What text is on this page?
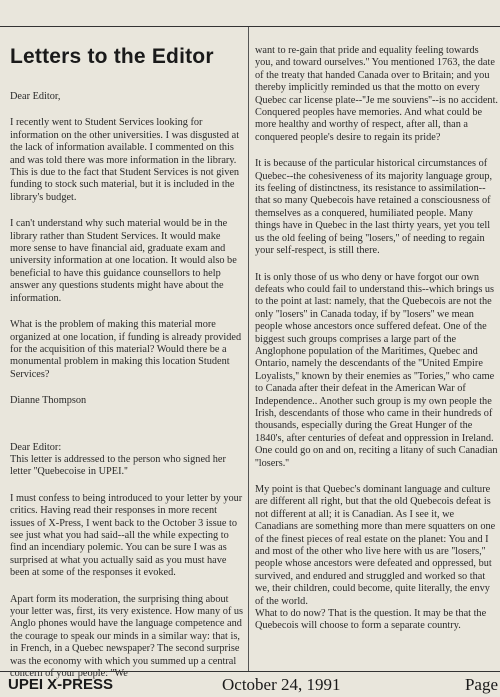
Letters to the Editor

Dear Editor,

I recently went to Student Services looking for information on the other universities. I was disgusted at the lack of information available. I commented on this and was told there was more information in the library. This is due to the fact that Student Services is not given funding to stock such material, but it is included in the library's budget.

I can't understand why such material would be in the library rather than Student Services. It would make more sense to have financial aid, graduate exam and university information at one location. It would also be beneficial to have this guidance counsellors to help answer any questions students might have about the information.

What is the problem of making this material more organized at one location, if funding is already provided for the acquisition of this material? Would there be a monumental problem in making this location Student Services?

Dianne Thompson

Dear Editor:

This letter is addressed to the person who signed her letter ''Quebecoise in UPEI.''

I must confess to being introduced to your letter by your critics. Having read their responses in more recent issues of X-Press, I went back to the October 3 issue to see just what you had said--all the while expecting to find an incendiary polemic. You can be sure I was as surprised at what you actually said as you must have been at some of the responses it evoked.

Apart form its moderation, the surprising thing about your letter was, first, its very existence. How many of us Anglo phones would have the language competence and the courage to speak our minds in a similar way: that is, in French, in a Quebec newspaper? The second surprise was the economy with which you summed up a central concern of your people: ''We

want to re-gain that pride and equality feeling towards you, and toward ourselves.'' You mentioned 1763, the date of the treaty that handed Canada over to Britain; and you thereby implicitly reminded us that the motto on every Quebec car license plate--''Je me souviens''--is no accident. Conquered peoples have memories. And what could be more healthy and worthy of respect, after all, than a conquered people's desire to regain its pride?

It is because of the particular historical circumstances of Quebec--the cohesiveness of its majority language group, its feeling of distinctness, its resistance to assimilation--that so many Quebecois have retained a consciousness of themselves as a conquered, humiliated people. Many things have in Quebec in the last thirty years, yet you tell us the old feeling of being ''losers,'' of needing to regain your self-respect, is still there.

It is only those of us who deny or have forgot our own defeats who could fail to understand this--which brings us to the point at last: namely, that the Quebecois are not the only ''losers'' in Canada today, if by ''losers'' we mean people whose ancestors once suffered defeat. One of the biggest such groups comprises a large part of the Anglophone population of the Maritimes, Quebec and Ontario, namely the descendants of the ''United Empire Loyalists,'' known by their enemies as ''Tories,'' who came to Canada after their defeat in the American War of Independence.. Another such group is my own people the Irish, descendants of those who came in their hundreds of thousands, especially during the Great Hunger of the 1840's, after centuries of defeat and oppression in Ireland. One could go on and on, reciting a litany of such Canadian ''losers.''

My point is that Quebec's dominant language and culture are different all right, but that the old Quebecois defeat is not different at all; it is Canadian. As I see it, we Canadians are something more than mere squatters on one of the finest pieces of real estate on the planet: You and I and most of the other who live here with us are ''losers,'' people whose ancestors were defeated and oppressed, but survived, and endured and struggled and worked so that we, their children, could become, quite literally, the envy of the world.

What to do now? That is the question. It may be that the Quebecois will choose to form a separate country.

UPEI X-PRESS	October 24, 1991	Page
